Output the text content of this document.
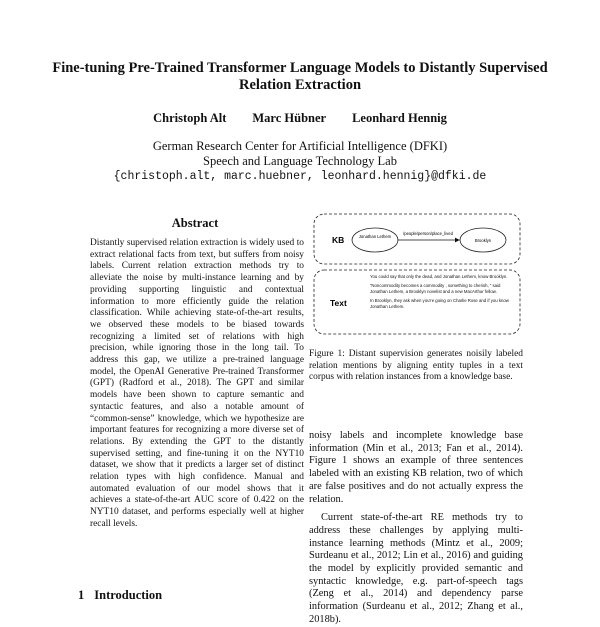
Fine-tuning Pre-Trained Transformer Language Models to Distantly Supervised Relation Extraction
Christoph Alt Marc Hübner Leonhard Hennig
German Research Center for Artificial Intelligence (DFKI)
Speech and Language Technology Lab
{christoph.alt, marc.huebner, leonhard.hennig}@dfki.de
Abstract
Distantly supervised relation extraction is widely used to extract relational facts from text, but suffers from noisy labels. Current relation extraction methods try to alleviate the noise by multi-instance learning and by providing supporting linguistic and contextual information to more efficiently guide the relation classification. While achieving state-of-the-art results, we observed these models to be biased towards recognizing a limited set of relations with high precision, while ignoring those in the long tail. To address this gap, we utilize a pre-trained language model, the OpenAI Generative Pre-trained Transformer (GPT) (Radford et al., 2018). The GPT and similar models have been shown to capture semantic and syntactic features, and also a notable amount of “common-sense” knowledge, which we hypothesize are important features for recognizing a more diverse set of relations. By extending the GPT to the distantly supervised setting, and fine-tuning it on the NYT10 dataset, we show that it predicts a larger set of distinct relation types with high confidence. Manual and automated evaluation of our model shows that it achieves a state-of-the-art AUC score of 0.422 on the NYT10 dataset, and performs especially well at higher recall levels.
1 Introduction
KB	Jonathan Lethem
/people/person/place_lived
Brooklyn
Text
You could say that only the dead, and Jonathan Lethem, know Brooklyn.
“Noncommodity becomes a commodity , something to cherish, ” said Jonathan Lethem, a Brooklyn novelist and a new MacArthur fellow.
In Brooklyn, they ask when you're going on Charlie Rose and if you know Jonathan Lethem.
Figure 1: Distant supervision generates noisily labeled relation mentions by aligning entity tuples in a text corpus with relation instances from a knowledge base.

noisy labels and incomplete knowledge base information (Min et al., 2013; Fan et al., 2014). Figure 1 shows an example of three sentences labeled with an existing KB relation, two of which are false positives and do not actually express the relation.

Current state-of-the-art RE methods try to address these challenges by applying multi-instance learning methods (Mintz et al., 2009; Surdeanu et al., 2012; Lin et al., 2016) and guiding the model by explicitly provided semantic and syntactic knowledge, e.g. part-of-speech tags (Zeng et al., 2014) and dependency parse information (Surdeanu et al., 2012; Zhang et al., 2018b).
